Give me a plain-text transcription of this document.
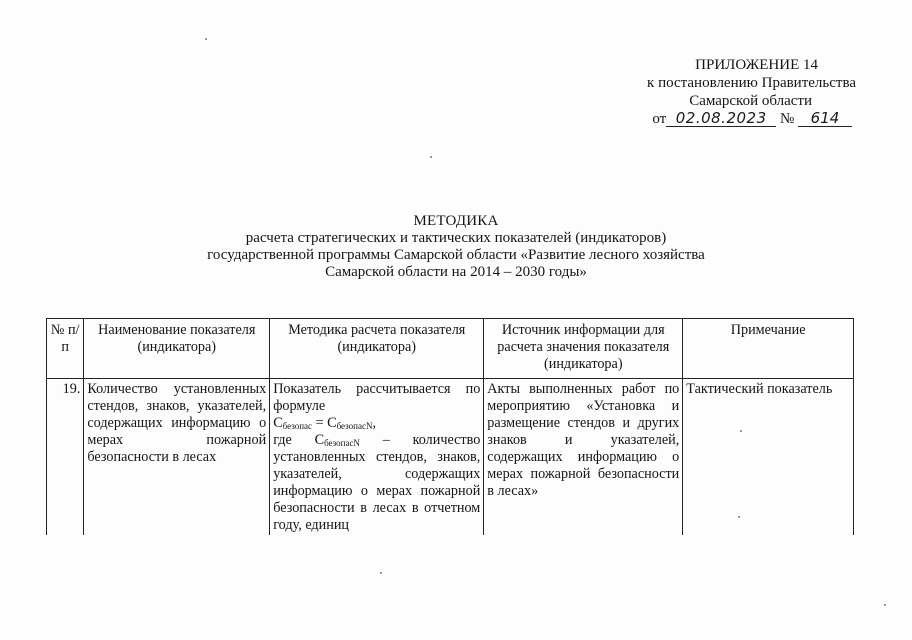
ПРИЛОЖЕНИЕ 14
к постановлению Правительства
Самарской области
от 02.08.2023 № 614
МЕТОДИКА
расчета стратегических и тактических показателей (индикаторов)
государственной программы Самарской области «Развитие лесного хозяйства
Самарской области на 2014 – 2030 годы»
№ п/п	Наименование показателя (индикатора)	Методика расчета показателя (индикатора)	Источник информации для расчета значения показателя (индикатора)	Примечание
19.	Количество установленных стендов, знаков, указателей, содержащих информацию о мерах пожарной безопасности в лесах	Показатель рассчитывается по формуле
$С_{безопас} = С_{безопасN}$,
где $С_{безопасN}$ – количество установленных стендов, знаков, указателей, содержащих информацию о мерах пожарной безопасности в лесах в отчетном году, единиц	Акты выполненных работ по мероприятию «Установка и размещение стендов и других знаков и указателей, содержащих информацию о мерах пожарной безопасности в лесах»	Тактический показатель
